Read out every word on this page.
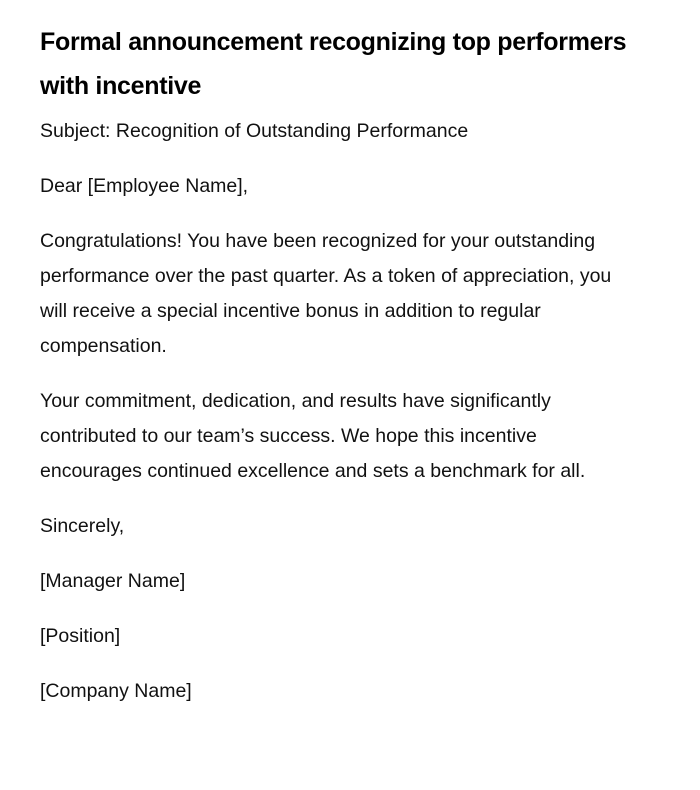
Formal announcement recognizing top performers with incentive

Subject: Recognition of Outstanding Performance

Dear [Employee Name],

Congratulations! You have been recognized for your outstanding performance over the past quarter. As a token of appreciation, you will receive a special incentive bonus in addition to regular compensation.

Your commitment, dedication, and results have significantly contributed to our team’s success. We hope this incentive encourages continued excellence and sets a benchmark for all.

Sincerely,

[Manager Name]

[Position]

[Company Name]
